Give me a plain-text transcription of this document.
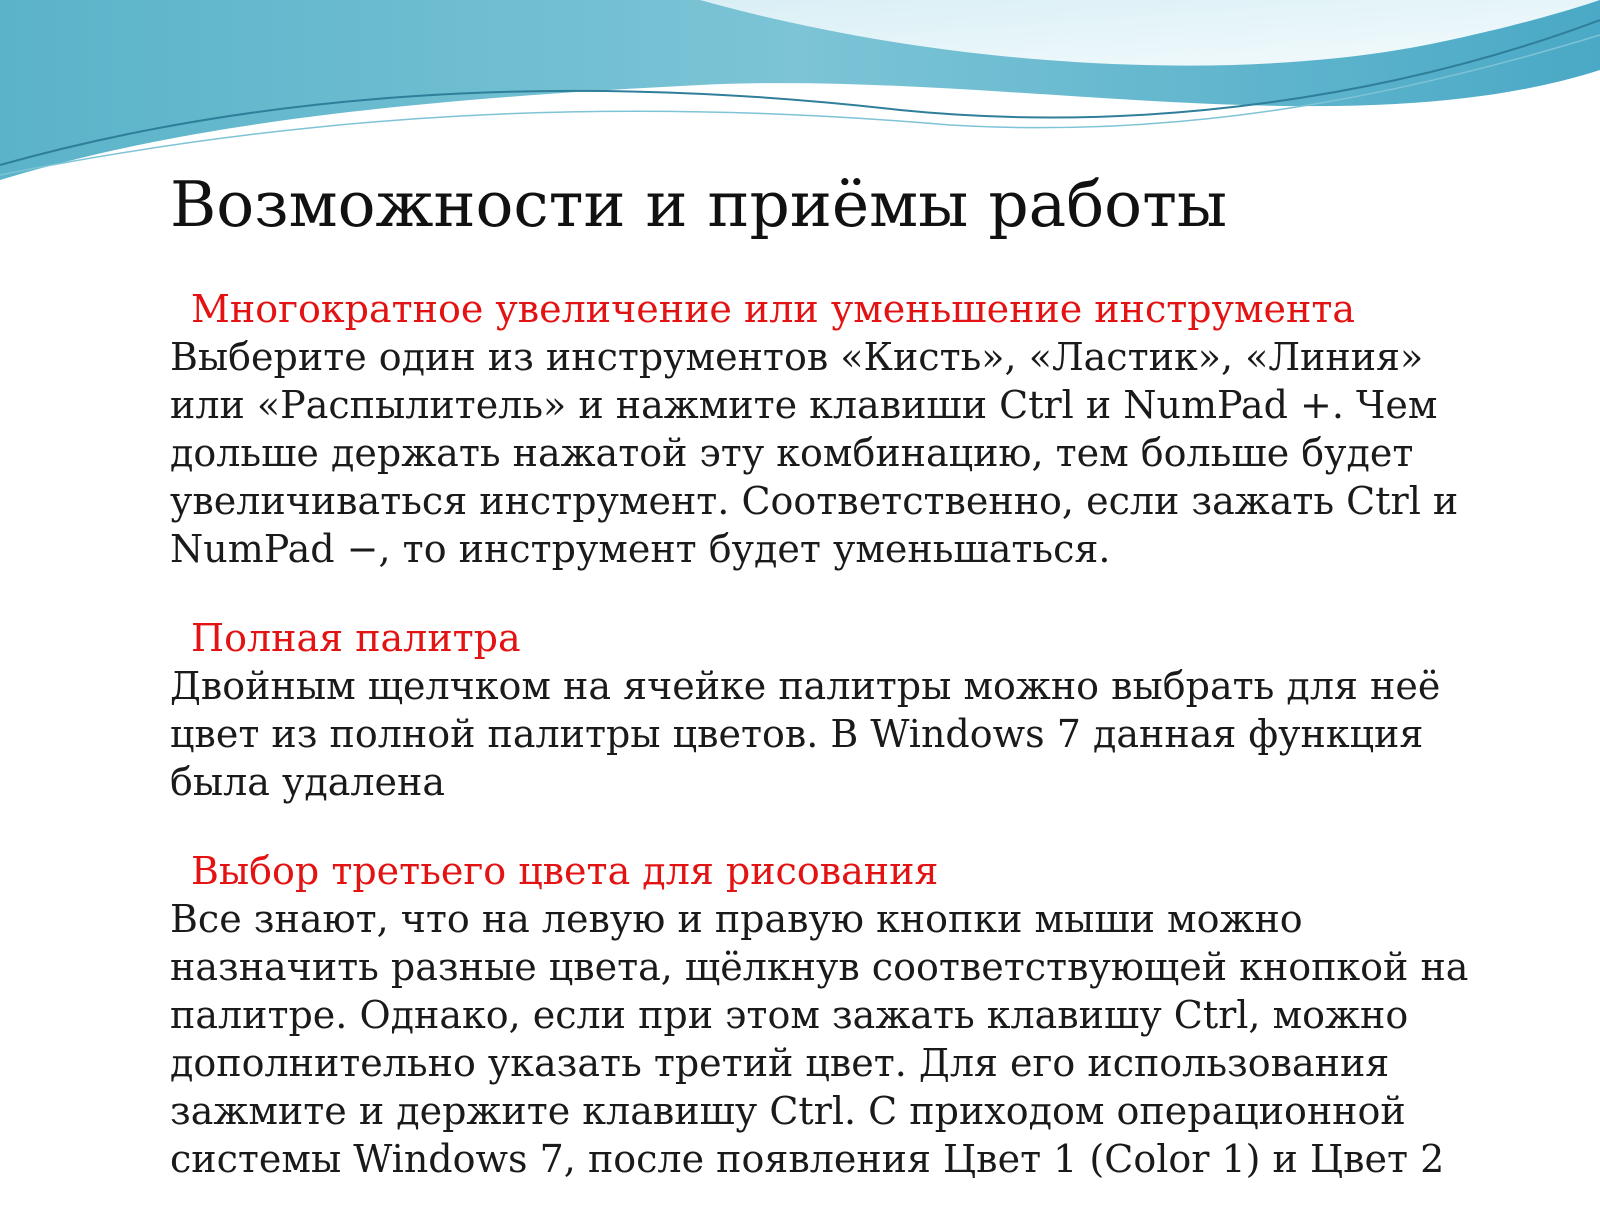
Возможности и приёмы работы

Многократное увеличение или уменьшение инструмента

Выберите один из инструментов «Кисть», «Ластик», «Линия» или «Распылитель» и нажмите клавиши Ctrl и NumPad +. Чем дольше держать нажатой эту комбинацию, тем больше будет увеличиваться инструмент. Соответственно, если зажать Ctrl и NumPad −, то инструмент будет уменьшаться.

Полная палитра

Двойным щелчком на ячейке палитры можно выбрать для неё цвет из полной палитры цветов. В Windows 7 данная функция была удалена

Выбор третьего цвета для рисования

Все знают, что на левую и правую кнопки мыши можно назначить разные цвета, щёлкнув соответствующей кнопкой на палитре. Однако, если при этом зажать клавишу Ctrl, можно дополнительно указать третий цвет. Для его использования зажмите и держите клавишу Ctrl. С приходом операционной системы Windows 7, после появления Цвет 1 (Color 1) и Цвет 2
